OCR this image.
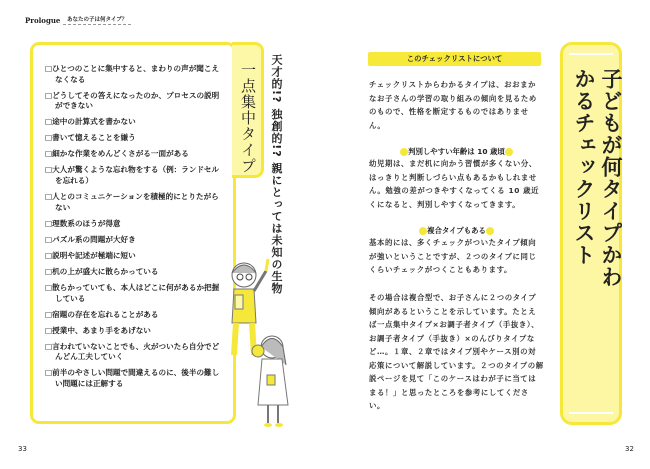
Prologue	あなたの子は何タイプ？
一点集中タイプ 天才的!? 独創的!? 親にとっては未知の生物
□ひとつのことに集中すると、まわりの声が聞こえなくなる
□どうしてその答えになったのか、プロセスの説明ができない
□途中の計算式を書かない
□書いて憶えることを嫌う
□細かな作業をめんどくさがる一面がある
□大人が驚くような忘れ物をする（例：ランドセルを忘れる）
□人とのコミュニケーションを積極的にとりたがらない
□理数系のほうが得意
□パズル系の問題が大好き
□説明や記述が極端に短い
□机の上が盛大に散らかっている
□散らかっていても、本人はどこに何があるか把握している
□宿題の存在を忘れることがある
□授業中、あまり手をあげない
□言われていないことでも、火がついたら自分でどんどん工夫していく
□前半のやさしい問題で間違えるのに、後半の難しい問題には正解する
33
このチェックリストについて
チェックリストからわかるタイプは、おおまかなお子さんの学習の取り組みの傾向を見るためのもので、性格を断定するものではありません。
判別しやすい年齢は 10 歳頃
幼児期は、まだ机に向かう習慣が多くない分、はっきりと判断しづらい点もあるかもしれません。勉強の差がつきやすくなってくる 10 歳近くになると、判別しやすくなってきます。
複合タイプもある
基本的には、多くチェックがついたタイプ傾向が強いということですが、２つのタイプに同じくらいチェックがつくこともあります。
その場合は複合型で、お子さんに２つのタイプ傾向があるということを示しています。たとえば一点集中タイプ×お調子者タイプ（手抜き）、お調子者タイプ（手抜き）×のんびりタイプなど…。１章、２章ではタイプ別やケース別の対応策について解説しています。２つのタイプの解説ページを見て「このケースはわが子に当てはまる！」と思ったところを参考にしてください。
子どもが何タイプかわかるチェックリスト
32
